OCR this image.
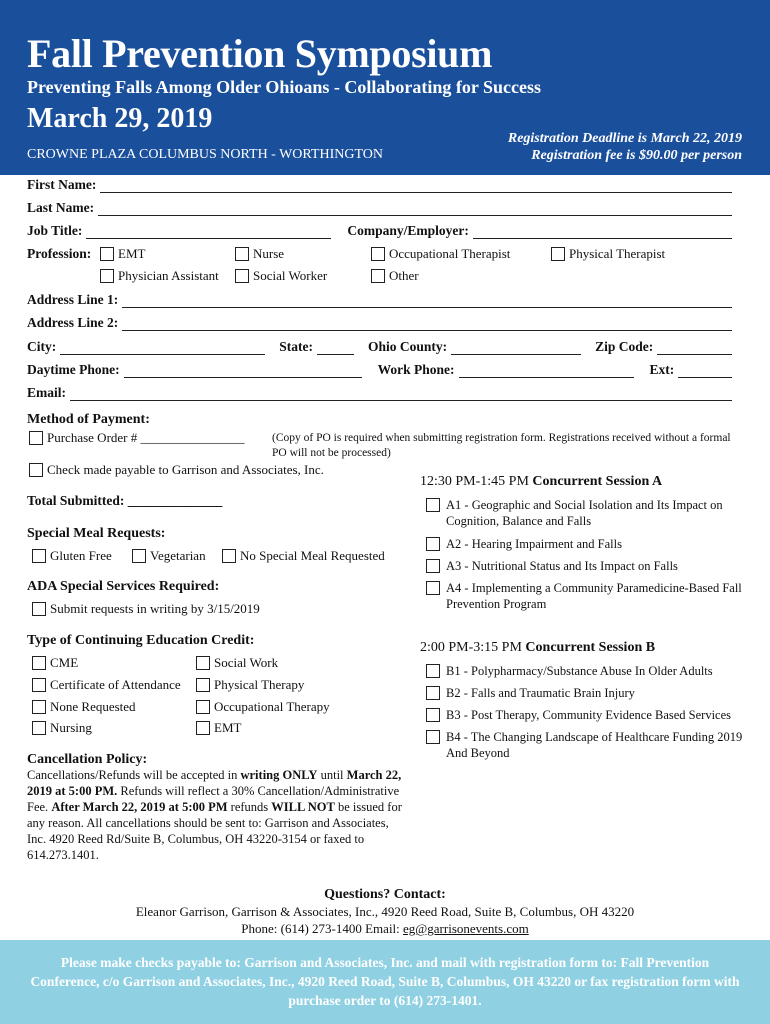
Fall Prevention Symposium
Preventing Falls Among Older Ohioans - Collaborating for Success
March 29, 2019
CROWNE PLAZA COLUMBUS NORTH - WORTHINGTON
Registration Deadline is March 22, 2019
Registration fee is $90.00 per person
First Name:
Last Name:
Job Title:	Company/Employer:
Profession: EMT	Nurse	Occupational Therapist	Physical Therapist
Physician Assistant	Social Worker	Other
Address Line 1:
Address Line 2:
City:	State:	Ohio County:	Zip Code:
Daytime Phone:	Work Phone:	Ext:
Email:
Method of Payment:
Purchase Order # ________________ (Copy of PO is required when submitting registration form. Registrations received without a formal PO will not be processed)
Check made payable to Garrison and Associates, Inc.
Total Submitted: ______________
Special Meal Requests:
Gluten Free	Vegetarian	No Special Meal Requested
ADA Special Services Required:
Submit requests in writing by 3/15/2019
Type of Continuing Education Credit:
CME	Social Work
Certificate of Attendance	Physical Therapy
None Requested	Occupational Therapy
Nursing	EMT
Cancellation Policy:
Cancellations/Refunds will be accepted in writing ONLY until March 22, 2019 at 5:00 PM. Refunds will reflect a 30% Cancellation/Administrative Fee. After March 22, 2019 at 5:00 PM refunds WILL NOT be issued for any reason. All cancellations should be sent to: Garrison and Associates, Inc. 4920 Reed Rd/Suite B, Columbus, OH 43220-3154 or faxed to 614.273.1401.
12:30 PM-1:45 PM Concurrent Session A
A1 - Geographic and Social Isolation and Its Impact on Cognition, Balance and Falls
A2 - Hearing Impairment and Falls
A3 - Nutritional Status and Its Impact on Falls
A4 - Implementing a Community Paramedicine-Based Fall Prevention Program
2:00 PM-3:15 PM Concurrent Session B
B1 - Polypharmacy/Substance Abuse In Older Adults
B2 - Falls and Traumatic Brain Injury
B3 - Post Therapy, Community Evidence Based Services
B4 - The Changing Landscape of Healthcare Funding 2019 And Beyond
Questions? Contact:
Eleanor Garrison, Garrison & Associates, Inc., 4920 Reed Road, Suite B, Columbus, OH 43220
Phone: (614) 273-1400 Email: eg@garrisonevents.com
Please make checks payable to: Garrison and Associates, Inc. and mail with registration form to: Fall Prevention Conference, c/o Garrison and Associates, Inc., 4920 Reed Road, Suite B, Columbus, OH 43220 or fax registration form with purchase order to (614) 273-1401.
